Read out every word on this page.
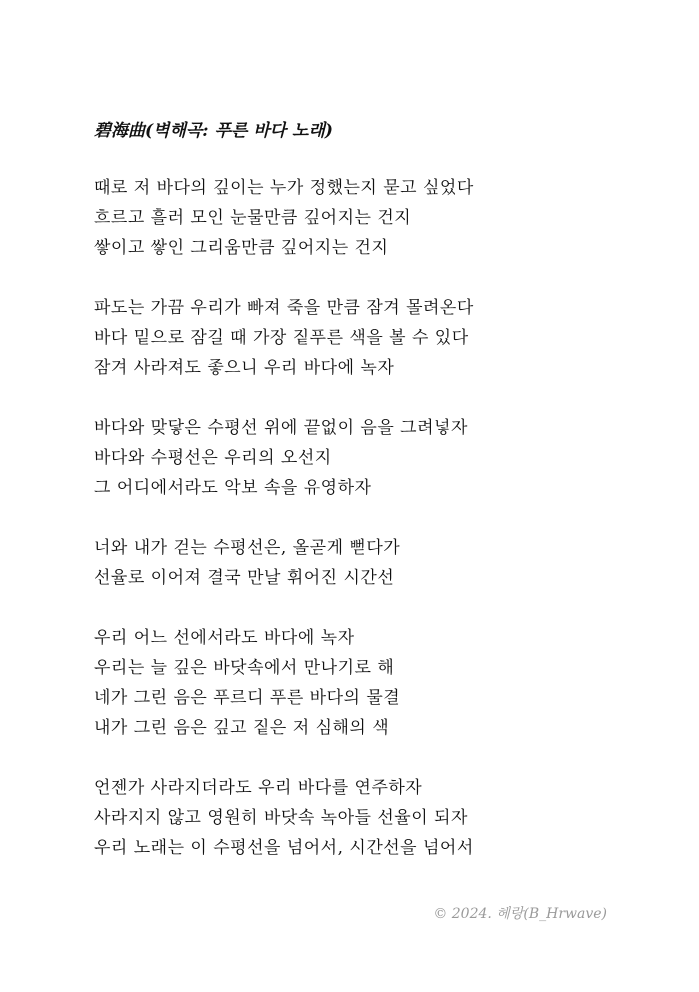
碧海曲(벽해곡: 푸른 바다 노래)
때로 저 바다의 깊이는 누가 정했는지 묻고 싶었다
흐르고 흘러 모인 눈물만큼 깊어지는 건지
쌓이고 쌓인 그리움만큼 깊어지는 건지
파도는 가끔 우리가 빠져 죽을 만큼 잠겨 몰려온다
바다 밑으로 잠길 때 가장 짙푸른 색을 볼 수 있다
잠겨 사라져도 좋으니 우리 바다에 녹자
바다와 맞닿은 수평선 위에 끝없이 음을 그려넣자
바다와 수평선은 우리의 오선지
그 어디에서라도 악보 속을 유영하자
너와 내가 걷는 수평선은, 올곧게 뻗다가
선율로 이어져 결국 만날 휘어진 시간선
우리 어느 선에서라도 바다에 녹자
우리는 늘 깊은 바닷속에서 만나기로 해
네가 그린 음은 푸르디 푸른 바다의 물결
내가 그린 음은 깊고 짙은 저 심해의 색
언젠가 사라지더라도 우리 바다를 연주하자
사라지지 않고 영원히 바닷속 녹아들 선율이 되자
우리 노래는 이 수평선을 넘어서, 시간선을 넘어서
© 2024. 헤랑(B_Hrwave)
